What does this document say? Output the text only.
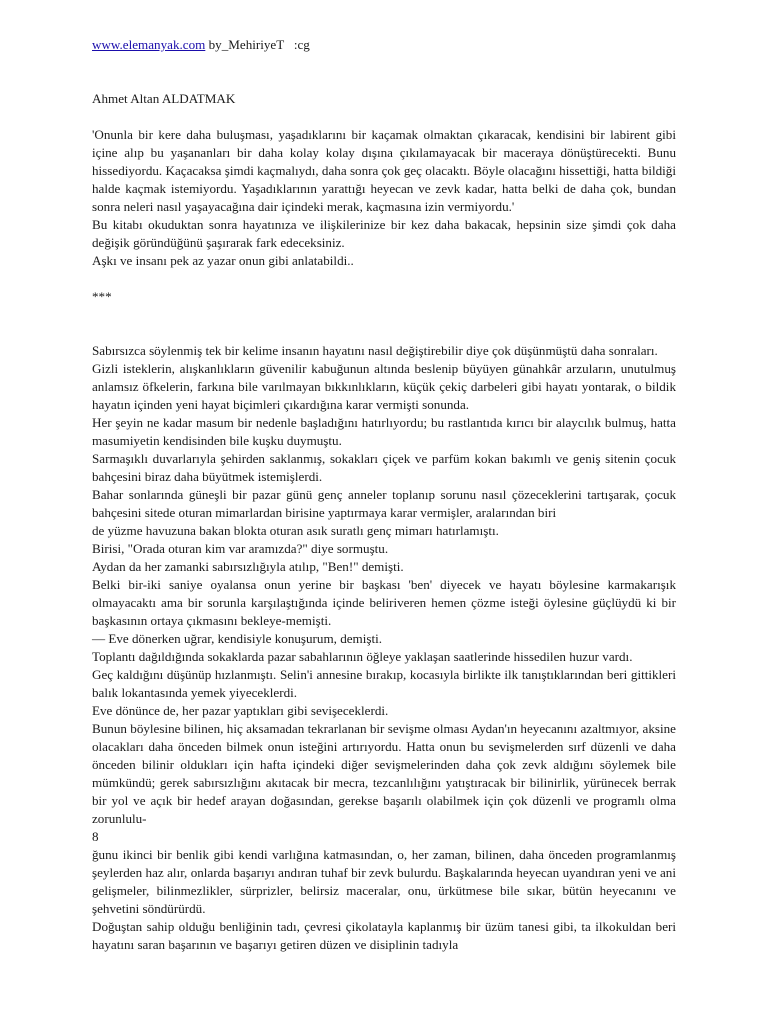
www.elemanyak.com by_MehiriyeT   :cg

Ahmet Altan ALDATMAK

'Onunla bir kere daha buluşması, yaşadıklarını bir kaçamak olmaktan çıkaracak, kendisini bir labirent gibi içine alıp bu yaşananları bir daha kolay kolay dışına çıkılamayacak bir maceraya dönüştürecekti. Bunu hissediyordu. Kaçacaksa şimdi kaçmalıydı, daha sonra çok geç olacaktı. Böyle olacağını hissettiği, hatta bildiği halde kaçmak istemiyordu. Yaşadıklarının yarattığı heyecan ve zevk kadar, hatta belki de daha çok, bundan sonra neleri nasıl yaşayacağına dair içindeki merak, kaçmasına izin vermiyordu.'

Bu kitabı okuduktan sonra hayatınıza ve ilişkilerinize bir kez daha bakacak, hepsinin size şimdi çok daha değişik göründüğünü şaşırarak fark edeceksiniz.

Aşkı ve insanı pek az yazar onun gibi anlatabildi..

***

Sabırsızca söylenmiş tek bir kelime insanın hayatını nasıl değiştirebilir diye çok düşünmüştü daha sonraları.

Gizli isteklerin, alışkanlıkların güvenilir kabuğunun altında beslenip büyüyen günahkâr arzuların, unutulmuş anlamsız öfkelerin, farkına bile varılmayan bıkkınlıkların, küçük çekiç darbeleri gibi hayatı yontarak, o bildik hayatın içinden yeni hayat biçimleri çıkardığına karar vermişti sonunda.

Her şeyin ne kadar masum bir nedenle başladığını hatırlıyordu; bu rastlantıda kırıcı bir alaycılık bulmuş, hatta masumiyetin kendisinden bile kuşku duymuştu.

Sarmaşıklı duvarlarıyla şehirden saklanmış, sokakları çiçek ve parfüm kokan bakımlı ve geniş sitenin çocuk bahçesini biraz daha büyütmek istemişlerdi.

Bahar sonlarında güneşli bir pazar günü genç anneler toplanıp sorunu nasıl çözeceklerini tartışarak, çocuk bahçesini sitede oturan mimarlardan birisine yaptırmaya karar vermişler, aralarından biri

de yüzme havuzuna bakan blokta oturan asık suratlı genç mimarı hatırlamıştı.

Birisi, "Orada oturan kim var aramızda?" diye sormuştu.

Aydan da her zamanki sabırsızlığıyla atılıp, "Ben!" demişti.

Belki bir-iki saniye oyalansa onun yerine bir başkası 'ben' diyecek ve hayatı böylesine karmakarışık olmayacaktı ama bir sorunla karşılaştığında içinde beliriveren hemen çözme isteği öylesine güçlüydü ki bir başkasının ortaya çıkmasını bekleye-memişti.

— Eve dönerken uğrar, kendisiyle konuşurum, demişti.

Toplantı dağıldığında sokaklarda pazar sabahlarının öğleye yaklaşan saatlerinde hissedilen huzur vardı.

Geç kaldığını düşünüp hızlanmıştı. Selin'i annesine bırakıp, kocasıyla birlikte ilk tanıştıklarından beri gittikleri balık lokantasında yemek yiyeceklerdi.

Eve dönünce de, her pazar yaptıkları gibi sevişeceklerdi.

Bunun böylesine bilinen, hiç aksamadan tekrarlanan bir sevişme olması Aydan'ın heyecanını azaltmıyor, aksine olacakları daha önceden bilmek onun isteğini artırıyordu. Hatta onun bu sevişmelerden sırf düzenli ve daha önceden bilinir oldukları için hafta içindeki diğer sevişmelerinden daha çok zevk aldığını söylemek bile mümkündü; gerek sabırsızlığını akıtacak bir mecra, tezcanlılığını yatıştıracak bir bilinirlik, yürünecek berrak bir yol ve açık bir hedef arayan doğasından, gerekse başarılı olabilmek için çok düzenli ve programlı olma zorunlulu-

8

ğunu ikinci bir benlik gibi kendi varlığına katmasından, o, her zaman, bilinen, daha önceden programlanmış şeylerden haz alır, onlarda başarıyı andıran tuhaf bir zevk bulurdu. Başkalarında heyecan uyandıran yeni ve ani gelişmeler, bilinmezlikler, sürprizler, belirsiz maceralar, onu, ürkütmese bile sıkar, bütün heyecanını ve şehvetini söndürürdü.

Doğuştan sahip olduğu benliğinin tadı, çevresi çikolatayla kaplanmış bir üzüm tanesi gibi, ta ilkokuldan beri hayatını saran başarının ve başarıyı getiren düzen ve disiplinin tadıyla
